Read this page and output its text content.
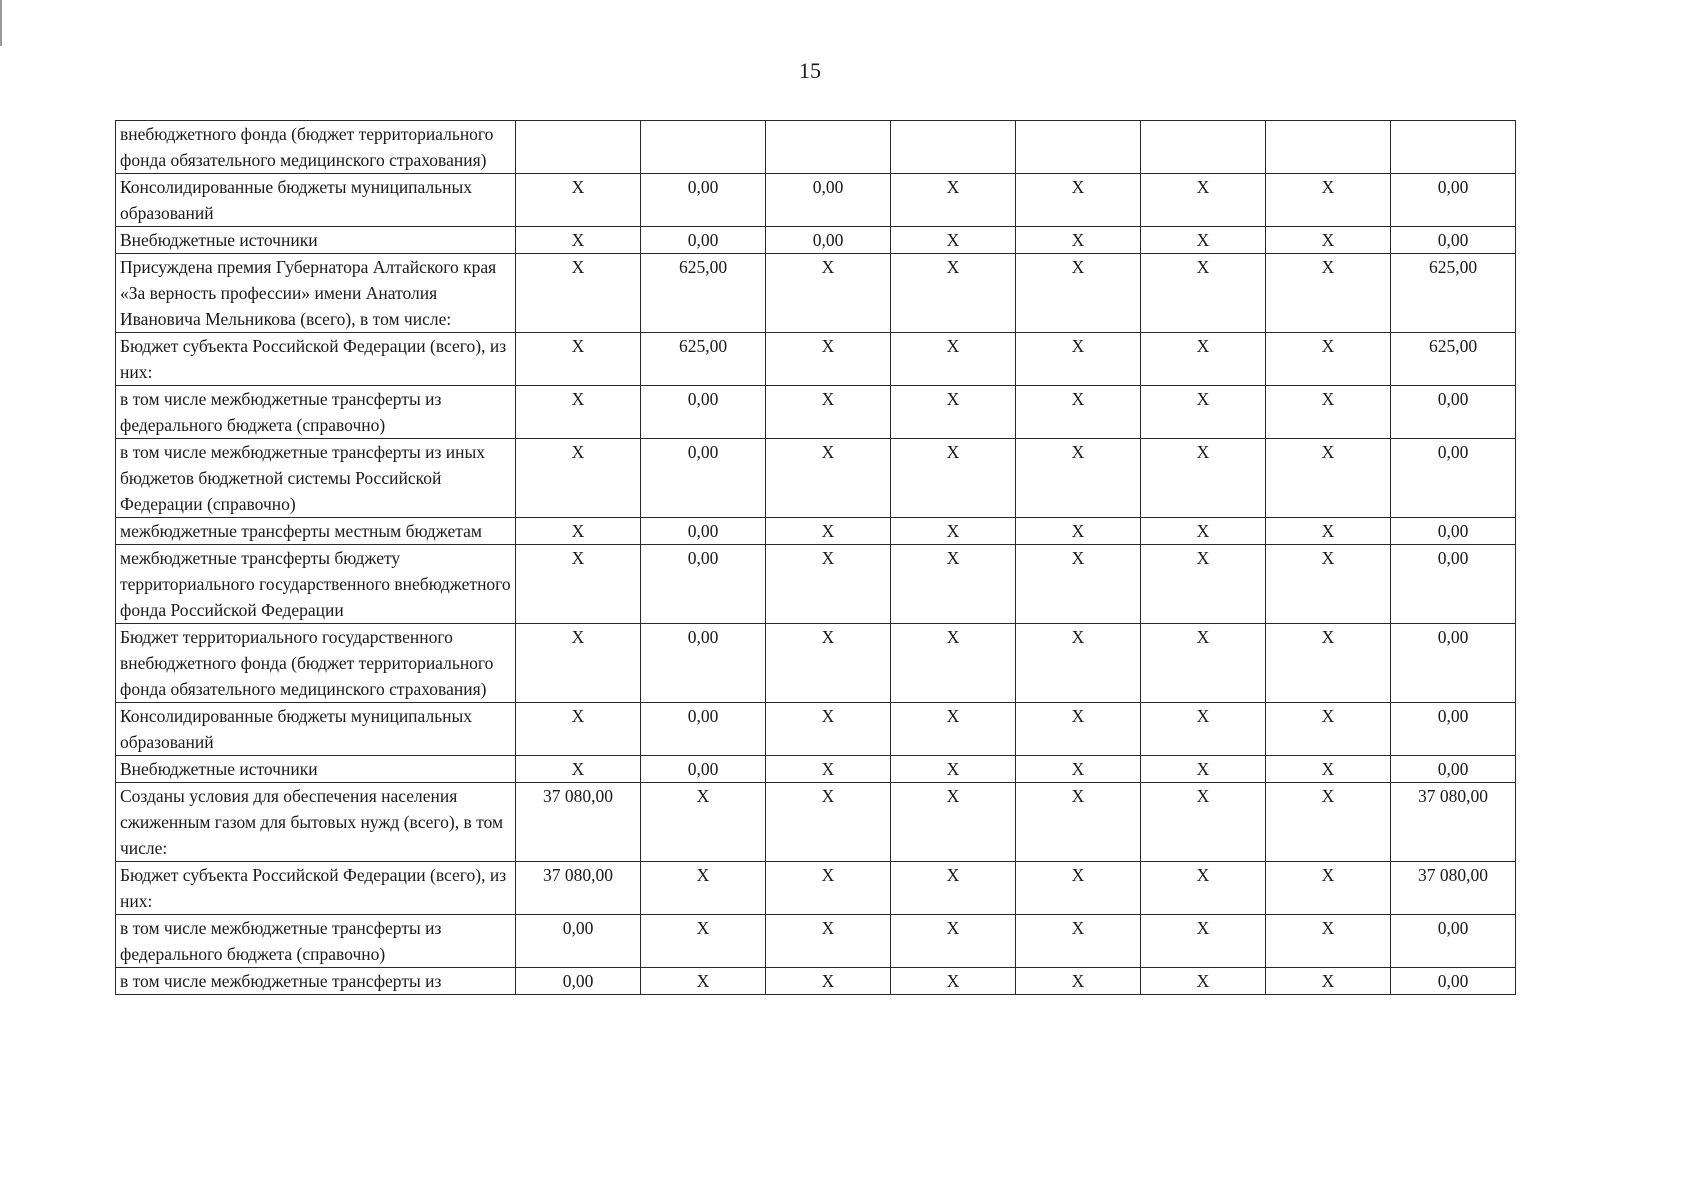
15
внебюджетного фонда (бюджет территориального фонда обязательного медицинского страхования)								
Консолидированные бюджеты муниципальных образований	X	0,00	0,00	X	X	X	X	0,00
Внебюджетные источники	X	0,00	0,00	X	X	X	X	0,00
Присуждена премия Губернатора Алтайского края «За верность профессии» имени Анатолия Ивановича Мельникова (всего), в том числе:	X	625,00	X	X	X	X	X	625,00
Бюджет субъекта Российской Федерации (всего), из них:	X	625,00	X	X	X	X	X	625,00
в том числе межбюджетные трансферты из федерального бюджета (справочно)	X	0,00	X	X	X	X	X	0,00
в том числе межбюджетные трансферты из иных бюджетов бюджетной системы Российской Федерации (справочно)	X	0,00	X	X	X	X	X	0,00
межбюджетные трансферты местным бюджетам	X	0,00	X	X	X	X	X	0,00
межбюджетные трансферты бюджету территориального государственного внебюджетного фонда Российской Федерации	X	0,00	X	X	X	X	X	0,00
Бюджет территориального государственного внебюджетного фонда (бюджет территориального фонда обязательного медицинского страхования)	X	0,00	X	X	X	X	X	0,00
Консолидированные бюджеты муниципальных образований	X	0,00	X	X	X	X	X	0,00
Внебюджетные источники	X	0,00	X	X	X	X	X	0,00
Созданы условия для обеспечения населения сжиженным газом для бытовых нужд (всего), в том числе:	37 080,00	X	X	X	X	X	X	37 080,00
Бюджет субъекта Российской Федерации (всего), из них:	37 080,00	X	X	X	X	X	X	37 080,00
в том числе межбюджетные трансферты из федерального бюджета (справочно)	0,00	X	X	X	X	X	X	0,00
в том числе межбюджетные трансферты из	0,00	X	X	X	X	X	X	0,00
